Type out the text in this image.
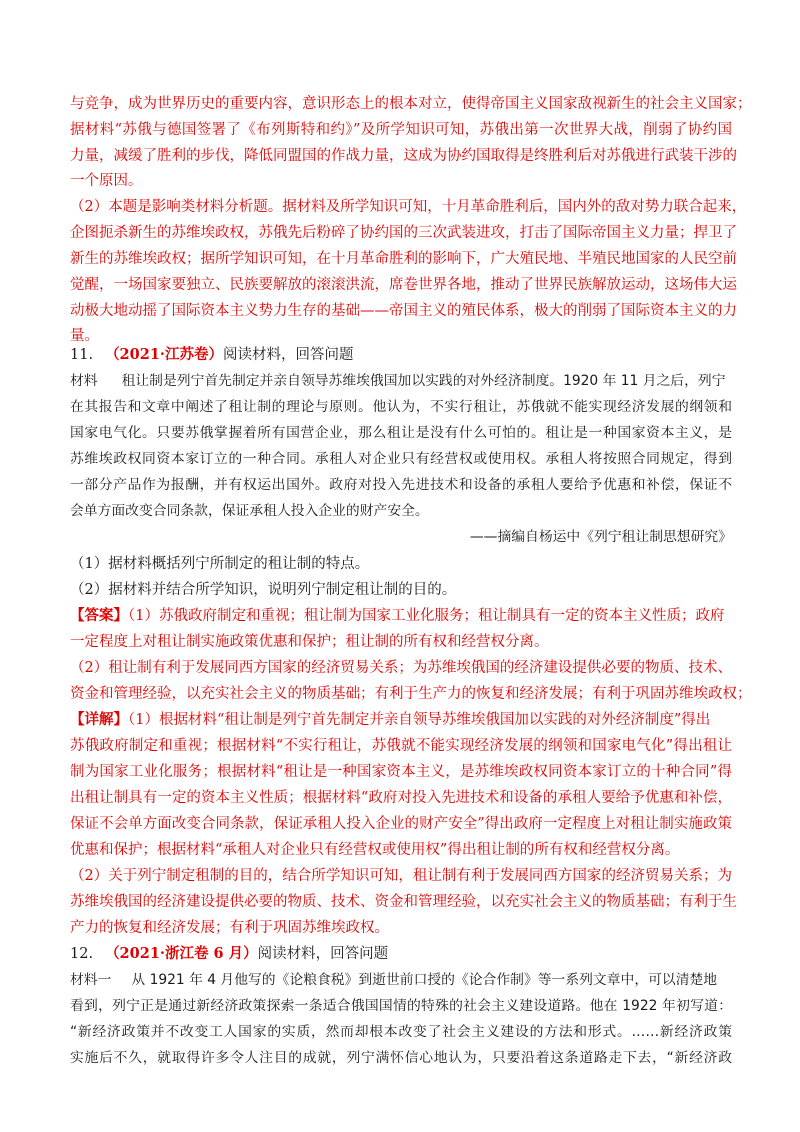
与竞争，成为世界历史的重要内容，意识形态上的根本对立，使得帝国主义国家敌视新生的社会主义国家；
据材料“苏俄与德国签署了《布列斯特和约》”及所学知识可知，苏俄出第一次世界大战，削弱了协约国
力量，减缓了胜利的步伐，降低同盟国的作战力量，这成为协约国取得是终胜利后对苏俄进行武装干涉的
一个原因。
（2）本题是影响类材料分析题。据材料及所学知识可知，十月革命胜利后，国内外的敌对势力联合起来，
企图扼杀新生的苏维埃政权，苏俄先后粉碎了协约国的三次武装进攻，打击了国际帝国主义力量；捍卫了
新生的苏维埃政权；据所学知识可知，在十月革命胜利的影响下，广大殖民地、半殖民地国家的人民空前
觉醒，一场国家要独立、民族要解放的滚滚洪流，席卷世界各地，推动了世界民族解放运动，这场伟大运
动极大地动摇了国际资本主义势力生存的基础——帝国主义的殖民体系，极大的削弱了国际资本主义的力
量。
11. （2021·江苏卷）阅读材料，回答问题
材料 租让制是列宁首先制定并亲自领导苏维埃俄国加以实践的对外经济制度。1920 年 11 月之后，列宁
在其报告和文章中阐述了租让制的理论与原则。他认为，不实行租让，苏俄就不能实现经济发展的纲领和
国家电气化。只要苏俄掌握着所有国营企业，那么租让是没有什么可怕的。租让是一种国家资本主义，是
苏维埃政权同资本家订立的一种合同。承租人对企业只有经营权或使用权。承租人将按照合同规定，得到
一部分产品作为报酬，并有权运出国外。政府对投入先进技术和设备的承租人要给予优惠和补偿，保证不
会单方面改变合同条款，保证承租人投入企业的财产安全。
——摘编自杨运中《列宁租让制思想研究》
（1）据材料概括列宁所制定的租让制的特点。
（2）据材料并结合所学知识，说明列宁制定租让制的目的。
【答案】（1）苏俄政府制定和重视；租让制为国家工业化服务；租让制具有一定的资本主义性质；政府
一定程度上对租让制实施政策优惠和保护；租让制的所有权和经营权分离。
（2）租让制有利于发展同西方国家的经济贸易关系；为苏维埃俄国的经济建设提供必要的物质、技术、
资金和管理经验，以充实社会主义的物质基础；有利于生产力的恢复和经济发展；有利于巩固苏维埃政权；
【详解】（1）根据材料“租让制是列宁首先制定并亲自领导苏维埃俄国加以实践的对外经济制度”得出
苏俄政府制定和重视；根据材料“不实行租让，苏俄就不能实现经济发展的纲领和国家电气化”得出租让
制为国家工业化服务；根据材料“租让是一种国家资本主义，是苏维埃政权同资本家订立的十种合同”得
出租让制具有一定的资本主义性质；根据材料“政府对投入先进技术和设备的承租人要给予优惠和补偿，
保证不会单方面改变合同条款，保证承租人投入企业的财产安全”得出政府一定程度上对租让制实施政策
优惠和保护；根据材料“承租人对企业只有经营权或使用权”得出租让制的所有权和经营权分离。
（2）关于列宁制定租制的目的，结合所学知识可知，租让制有利于发展同西方国家的经济贸易关系；为
苏维埃俄国的经济建设提供必要的物质、技术、资金和管理经验，以充实社会主义的物质基础；有利于生
产力的恢复和经济发展；有利于巩固苏维埃政权。
12. （2021·浙江卷 6 月）阅读材料，回答问题
材料一 从 1921 年 4 月他写的《论粮食税》到逝世前口授的《论合作制》等一系列文章中，可以清楚地
看到，列宁正是通过新经济政策探索一条适合俄国国情的特殊的社会主义建设道路。他在 1922 年初写道：
“新经济政策并不改变工人国家的实质，然而却根本改变了社会主义建设的方法和形式。……新经济政策
实施后不久，就取得许多令人注目的成就，列宁满怀信心地认为，只要沿着这条道路走下去，“新经济政
